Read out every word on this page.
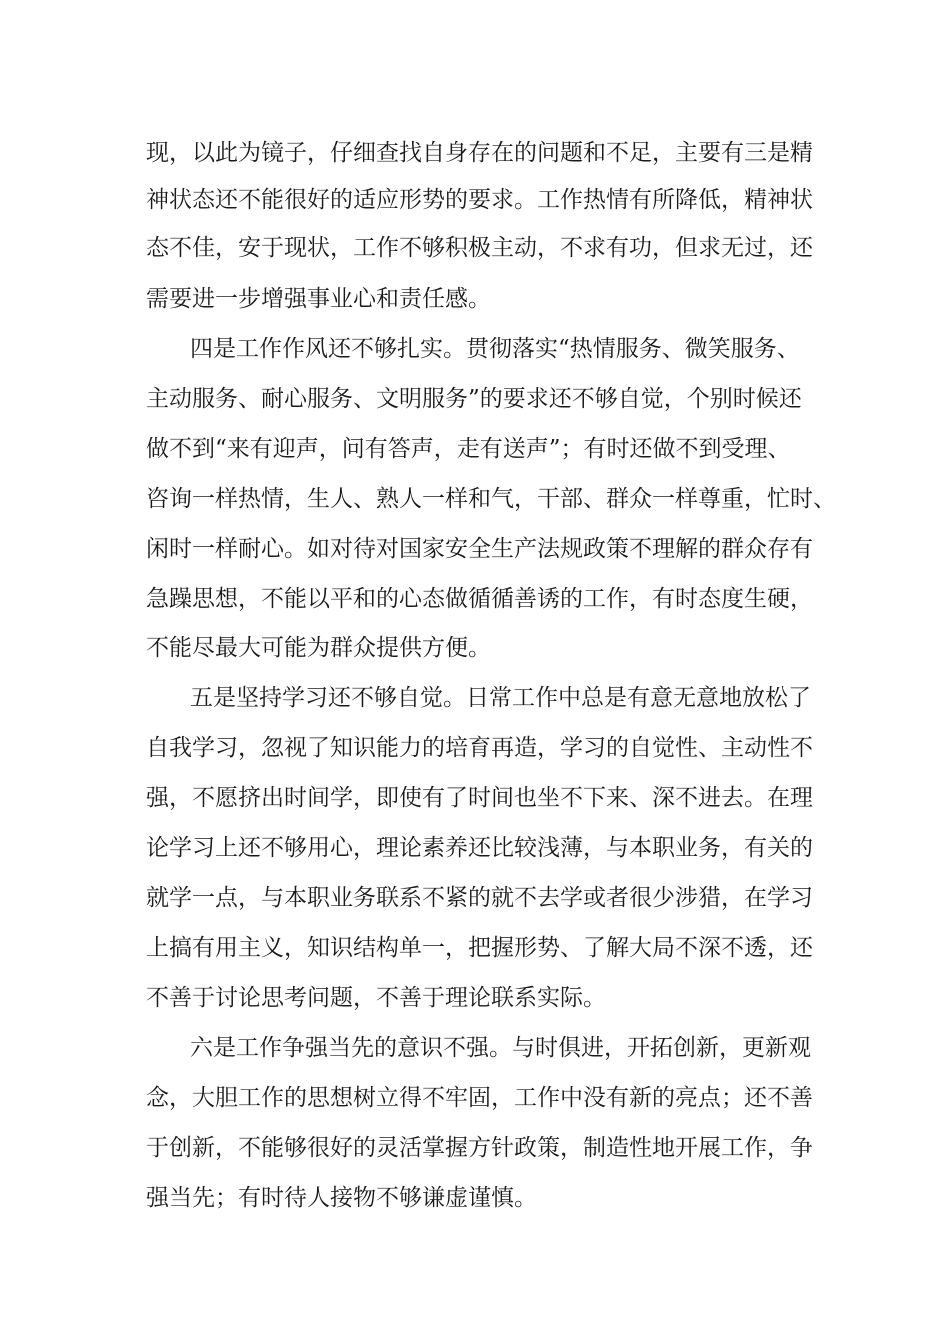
现，以此为镜子，仔细查找自身存在的问题和不足，主要有三是精

神状态还不能很好的适应形势的要求。工作热情有所降低，精神状

态不佳，安于现状，工作不够积极主动，不求有功，但求无过，还

需要进一步增强事业心和责任感。

四是工作作风还不够扎实。贯彻落实“热情服务、微笑服务、

主动服务、耐心服务、文明服务”的要求还不够自觉，个别时候还

做不到“来有迎声，问有答声，走有送声”；有时还做不到受理、

咨询一样热情，生人、熟人一样和气，干部、群众一样尊重，忙时、

闲时一样耐心。如对待对国家安全生产法规政策不理解的群众存有

急躁思想，不能以平和的心态做循循善诱的工作，有时态度生硬，

不能尽最大可能为群众提供方便。

五是坚持学习还不够自觉。日常工作中总是有意无意地放松了

自我学习，忽视了知识能力的培育再造，学习的自觉性、主动性不

强，不愿挤出时间学，即使有了时间也坐不下来、深不进去。在理

论学习上还不够用心，理论素养还比较浅薄，与本职业务，有关的

就学一点，与本职业务联系不紧的就不去学或者很少涉猎，在学习

上搞有用主义，知识结构单一，把握形势、了解大局不深不透，还

不善于讨论思考问题，不善于理论联系实际。

六是工作争强当先的意识不强。与时俱进，开拓创新，更新观

念，大胆工作的思想树立得不牢固，工作中没有新的亮点；还不善

于创新，不能够很好的灵活掌握方针政策，制造性地开展工作，争

强当先；有时待人接物不够谦虚谨慎。
